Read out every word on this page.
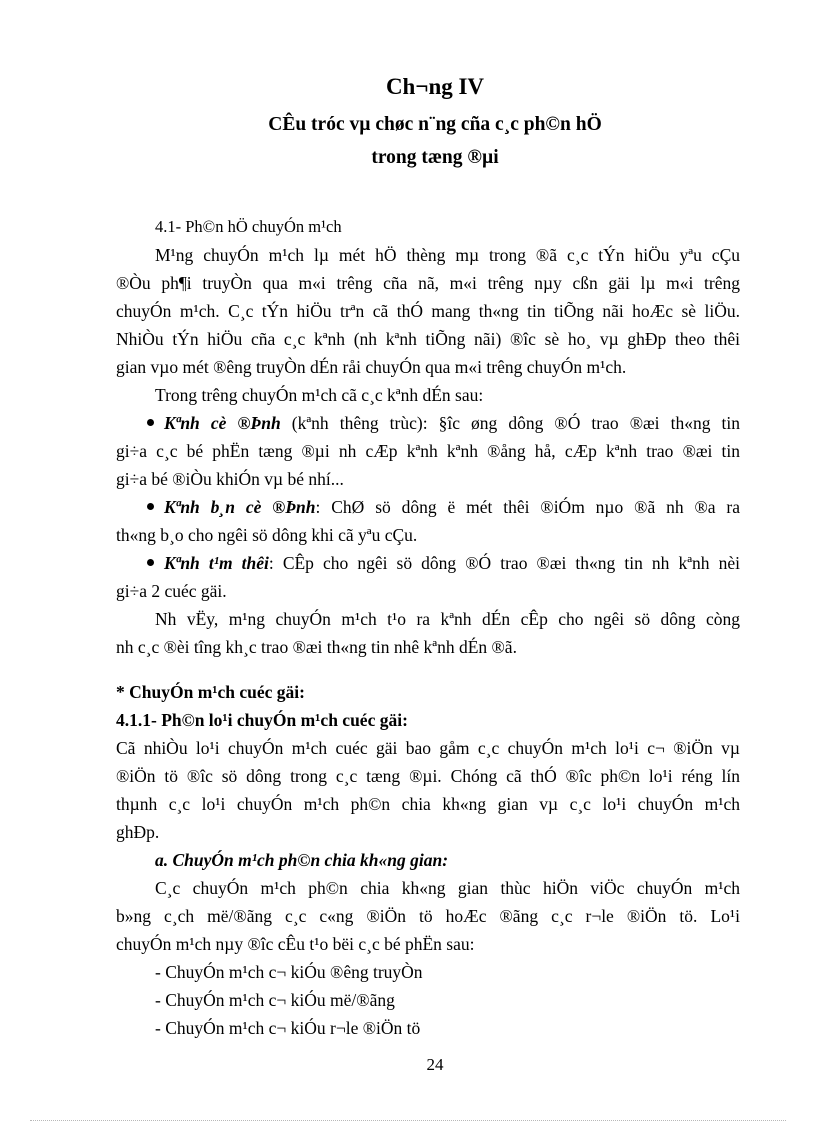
Ch¬ng IV
CÊu tróc vµ chøc n¨ng cña c¸c ph©n hÖ
trong tæng ®µi

4.1- Ph©n hÖ chuyÓn m¹ch

M¹ng chuyÓn m¹ch lµ mét hÖ thèng mµ trong ®ã c¸c tÝn hiÖu yªu cÇu

®Òu ph¶i truyÒn qua m«i trêng cña nã, m«i trêng nµy cßn gäi lµ m«i trêng

chuyÓn m¹ch. C¸c tÝn hiÖu trªn cã thÓ mang th«ng tin tiÕng nãi hoÆc sè liÖu.

NhiÒu tÝn hiÖu cña c¸c kªnh (nh kªnh tiÕng nãi) ®îc sè ho¸ vµ ghÐp theo thêi

gian vµo mét ®êng truyÒn dÉn råi chuyÓn qua m«i trêng chuyÓn m¹ch.

Trong trêng chuyÓn m¹ch cã c¸c kªnh dÉn sau:

Kªnh cè ®Þnh (kªnh thêng trùc): §îc øng dông ®Ó trao ®æi th«ng tin

gi÷a c¸c bé phËn tæng ®µi nh cÆp kªnh kªnh ®ång hå, cÆp kªnh trao ®æi tin

gi÷a bé ®iÒu khiÓn vµ bé nhí...

Kªnh b¸n cè ®Þnh: ChØ sö dông ë mét thêi ®iÓm nµo ®ã nh ®a ra

th«ng b¸o cho ngêi sö dông khi cã yªu cÇu.

Kªnh t¹m thêi: CÊp cho ngêi sö dông ®Ó trao ®æi th«ng tin nh kªnh nèi

gi÷a 2 cuéc gäi.

Nh vËy, m¹ng chuyÓn m¹ch t¹o ra kªnh dÉn cÊp cho ngêi sö dông còng

nh c¸c ®èi tîng kh¸c trao ®æi th«ng tin nhê kªnh dÉn ®ã.

* ChuyÓn m¹ch cuéc gäi:

4.1.1- Ph©n lo¹i chuyÓn m¹ch cuéc gäi:

Cã nhiÒu lo¹i chuyÓn m¹ch cuéc gäi bao gåm c¸c chuyÓn m¹ch lo¹i c¬ ®iÖn vµ

®iÖn tö ®îc sö dông trong c¸c tæng ®µi. Chóng cã thÓ ®îc ph©n lo¹i réng lín

thµnh c¸c lo¹i chuyÓn m¹ch ph©n chia kh«ng gian vµ c¸c lo¹i chuyÓn m¹ch

ghÐp.

a. ChuyÓn m¹ch ph©n chia kh«ng gian:

C¸c chuyÓn m¹ch ph©n chia kh«ng gian thùc hiÖn viÖc chuyÓn m¹ch

b»ng c¸ch më/®ãng c¸c c«ng ®iÖn tö hoÆc ®ãng c¸c r¬le ®iÖn tö. Lo¹i

chuyÓn m¹ch nµy ®îc cÊu t¹o bëi c¸c bé phËn sau:

- ChuyÓn m¹ch c¬ kiÓu ®êng truyÒn

- ChuyÓn m¹ch c¬ kiÓu më/®ãng

- ChuyÓn m¹ch c¬ kiÓu r¬le ®iÖn tö

24
